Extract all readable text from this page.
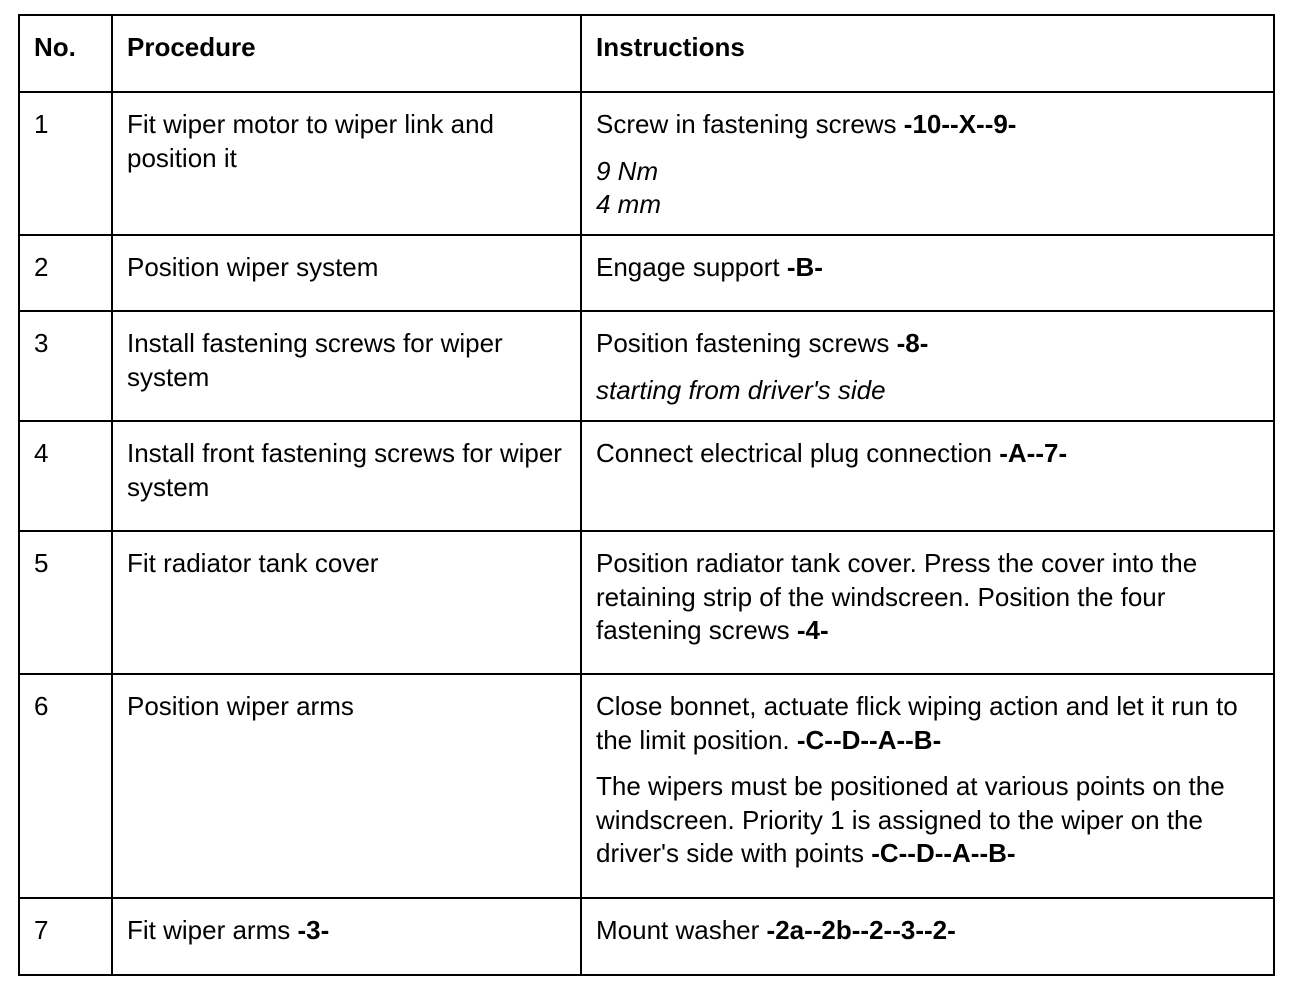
No.	Procedure	Instructions
1	Fit wiper motor to wiper link and position it	Screw in fastening screws -10--X--9-
9 Nm
4 mm

2	Position wiper system	Engage support -B-

3	Install fastening screws for wiper system	Position fastening screws -8-
starting from driver's side

4	Install front fastening screws for wiper system	Connect electrical plug connection -A--7-

5	Fit radiator tank cover	Position radiator tank cover. Press the cover into the retaining strip of the windscreen. Position the four fastening screws -4-

6	Position wiper arms	Close bonnet, actuate flick wiping action and let it run to the limit position. -C--D--A--B-
The wipers must be positioned at various points on the windscreen. Priority 1 is assigned to the wiper on the driver's side with points -C--D--A--B-

7	Fit wiper arms -3-	Mount washer -2a--2b--2--3--2-
